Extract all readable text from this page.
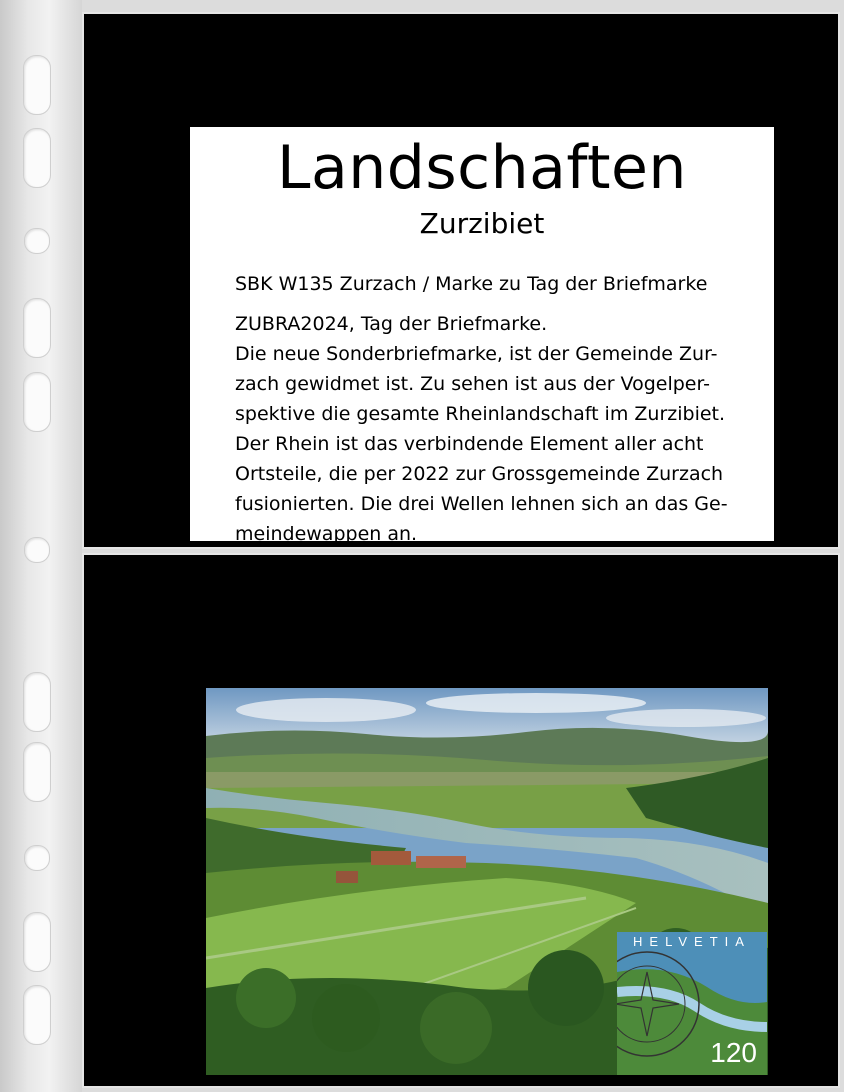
Landschaften
Zurzibiet
SBK W135 Zurzach / Marke zu Tag der Briefmarke
ZUBRA2024, Tag der Briefmarke.
Die neue Sonderbriefmarke, ist der Gemeinde Zur-
zach gewidmet ist. Zu sehen ist aus der Vogelper-
spektive die gesamte Rheinlandschaft im Zurzibiet.
Der Rhein ist das verbindende Element aller acht
Ortsteile, die per 2022 zur Grossgemeinde Zurzach
fusionierten. Die drei Wellen lehnen sich an das Ge-
meindewappen an.
HELVETIA
120
